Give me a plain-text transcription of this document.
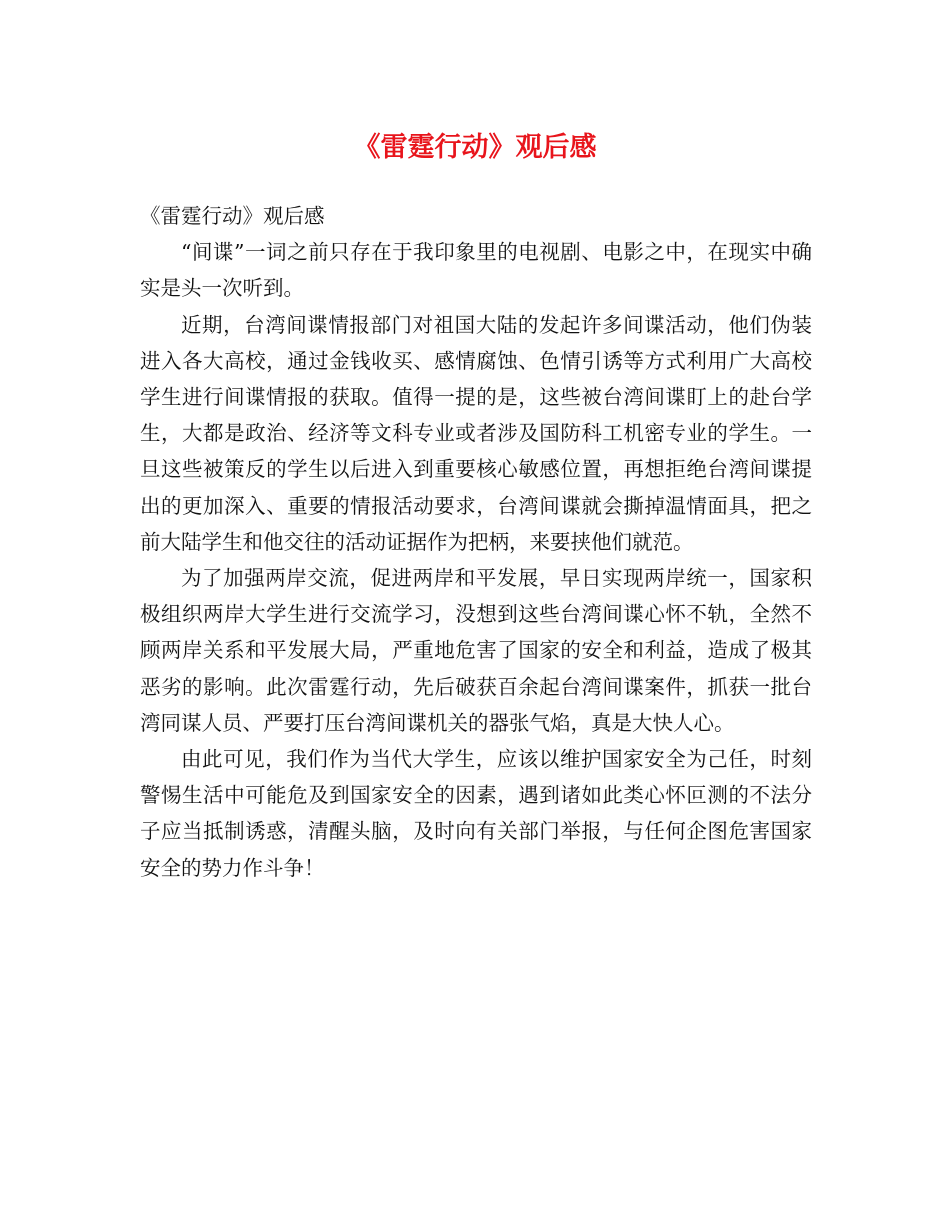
《雷霆行动》观后感

《雷霆行动》观后感

“间谍”一词之前只存在于我印象里的电视剧、电影之中，在现实中确实是头一次听到。

近期，台湾间谍情报部门对祖国大陆的发起许多间谍活动，他们伪装进入各大高校，通过金钱收买、感情腐蚀、色情引诱等方式利用广大高校学生进行间谍情报的获取。值得一提的是，这些被台湾间谍盯上的赴台学生，大都是政治、经济等文科专业或者涉及国防科工机密专业的学生。一旦这些被策反的学生以后进入到重要核心敏感位置，再想拒绝台湾间谍提出的更加深入、重要的情报活动要求，台湾间谍就会撕掉温情面具，把之前大陆学生和他交往的活动证据作为把柄，来要挟他们就范。

为了加强两岸交流，促进两岸和平发展，早日实现两岸统一，国家积极组织两岸大学生进行交流学习，没想到这些台湾间谍心怀不轨，全然不顾两岸关系和平发展大局，严重地危害了国家的安全和利益，造成了极其恶劣的影响。此次雷霆行动，先后破获百余起台湾间谍案件，抓获一批台湾同谋人员、严要打压台湾间谍机关的器张气焰，真是大快人心。

由此可见，我们作为当代大学生，应该以维护国家安全为己任，时刻警惕生活中可能危及到国家安全的因素，遇到诸如此类心怀叵测的不法分子应当抵制诱惑，清醒头脑，及时向有关部门举报，与任何企图危害国家安全的势力作斗争！
